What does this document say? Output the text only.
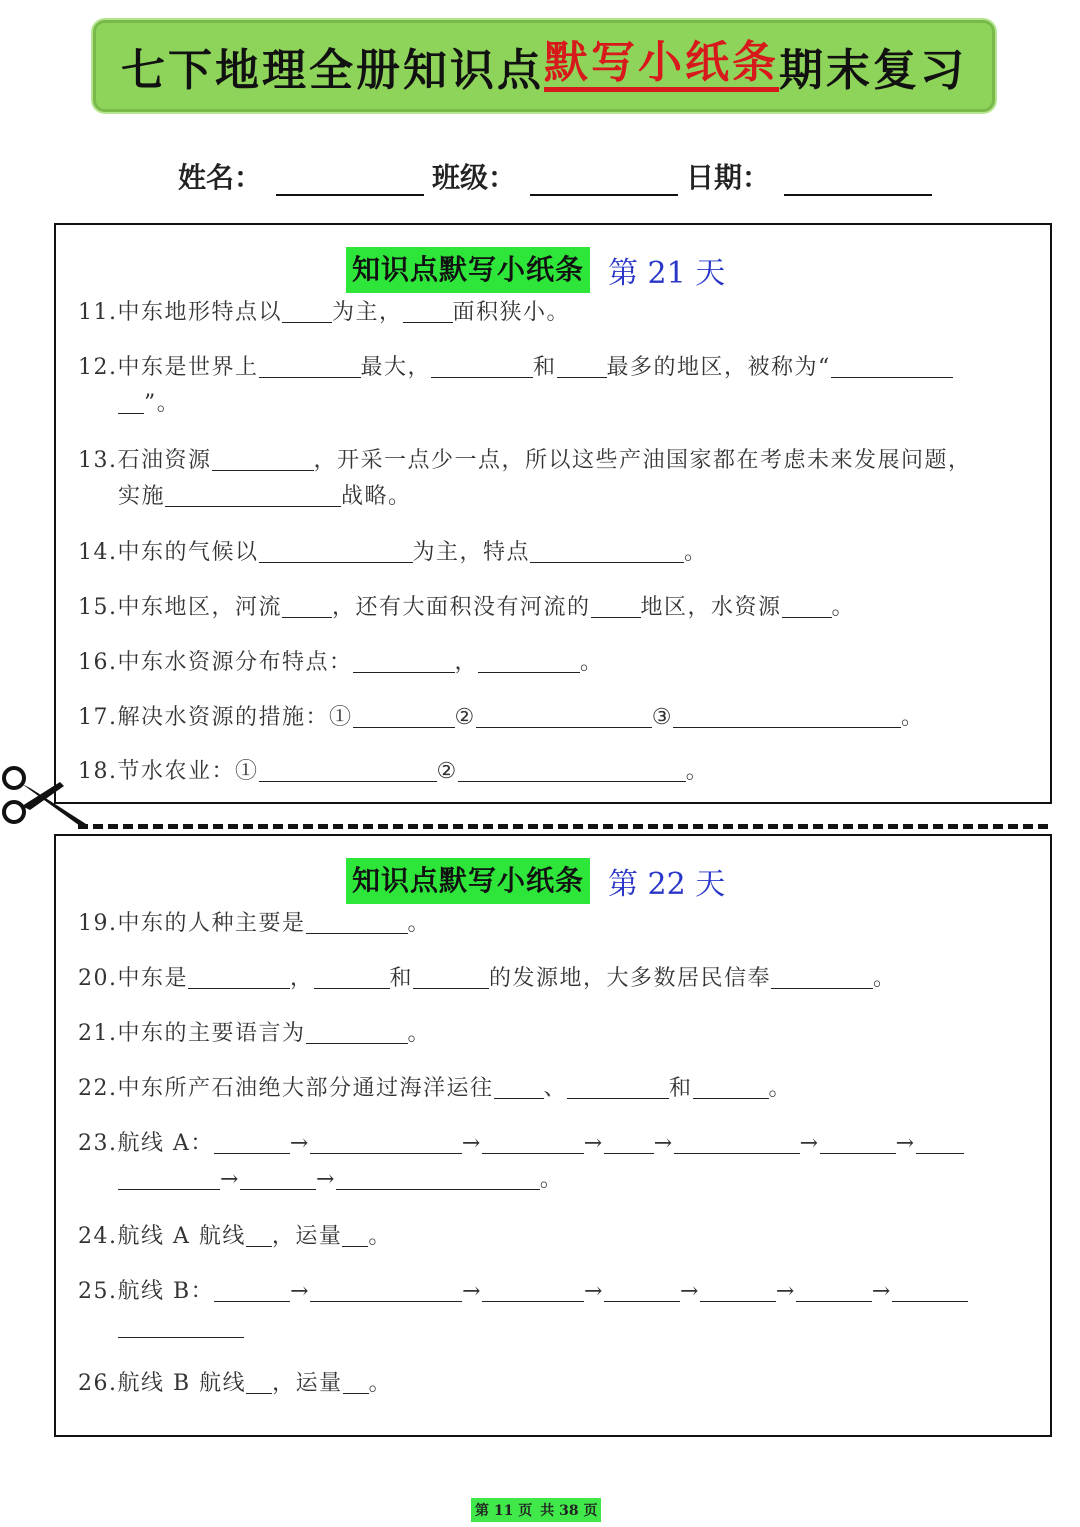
七下地理全册知识点 默写小纸条 期末复习
姓名：	班级：	日期：
知识点默写小纸条 第 21 天
11.中东地形特点以 为主， 面积狭小。
12.中东是世界上	最大，	和 最多的地区，被称为“
”。
13.石油资源	，开采一点少一点，所以这些产油国家都在考虑未来发展问题，
实施	战略。
14.中东的气候以	为主，特点	。
15.中东地区，河流 ，还有大面积没有河流的 地区，水资源 。
16.中东水资源分布特点：	，	。
17.解决水资源的措施：①	②	③	。
18.节水农业：①	②	。
知识点默写小纸条 第 22 天
19.中东的人种主要是	。
20.中东是	，	和	的发源地，大多数居民信奉	。
21.中东的主要语言为	。
22.中东所产石油绝大部分通过海洋运往 、	和	。
23.航线 A：	→	→	→ →	→	→
→	→	。
24.航线 A 航线 ，运量 。
25.航线 B：	→	→	→	→	→	→
26.航线 B 航线 ，运量 。
第 11 页 共 38 页
